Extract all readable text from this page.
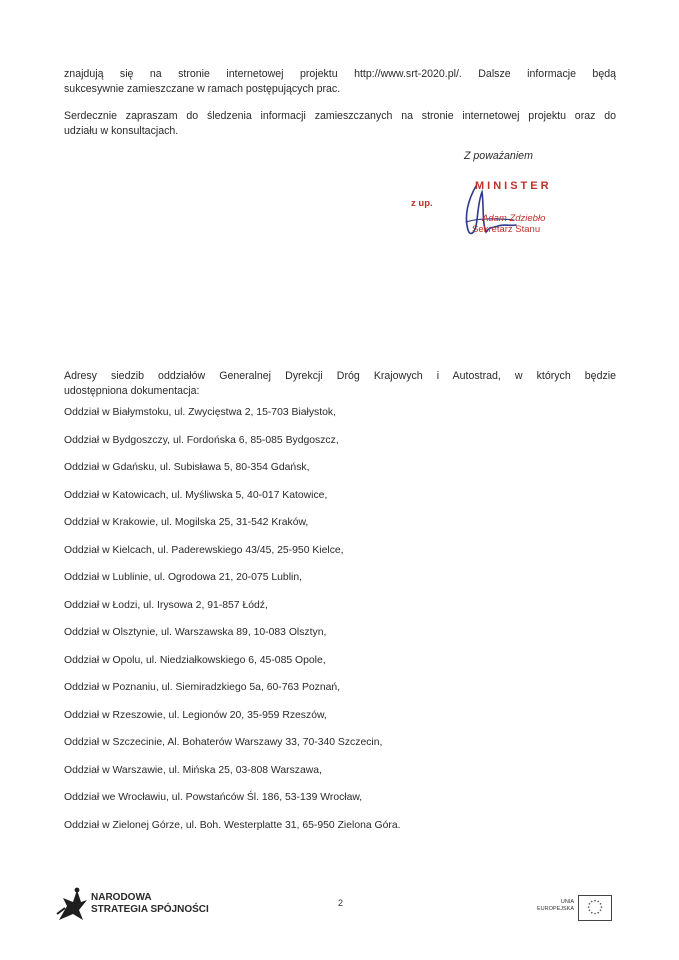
znajdują się na stronie internetowej projektu http://www.srt-2020.pl/. Dalsze informacje będą
sukcesywnie zamieszczane w ramach postępujących prac.
Serdecznie zapraszam do śledzenia informacji zamieszczanych na stronie internetowej projektu oraz do
udziału w konsultacjach.
Z poważaniem
z up.
MINISTER
Adam Zdziebło
Sekretarz Stanu
Adresy siedzib oddziałów Generalnej Dyrekcji Dróg Krajowych i Autostrad, w których będzie
udostępniona dokumentacja:
Oddział w Białymstoku, ul. Zwycięstwa 2, 15-703 Białystok,
Oddział w Bydgoszczy, ul. Fordońska 6, 85-085 Bydgoszcz,
Oddział w Gdańsku, ul. Subisława 5, 80-354 Gdańsk,
Oddział w Katowicach, ul. Myśliwska 5, 40-017 Katowice,
Oddział w Krakowie, ul. Mogilska 25, 31-542 Kraków,
Oddział w Kielcach, ul. Paderewskiego 43/45, 25-950 Kielce,
Oddział w Lublinie, ul. Ogrodowa 21, 20-075 Lublin,
Oddział w Łodzi, ul. Irysowa 2, 91-857 Łódź,
Oddział w Olsztynie, ul. Warszawska 89, 10-083 Olsztyn,
Oddział w Opolu, ul. Niedziałkowskiego 6, 45-085 Opole,
Oddział w Poznaniu, ul. Siemiradzkiego 5a, 60-763 Poznań,
Oddział w Rzeszowie, ul. Legionów 20, 35-959 Rzeszów,
Oddział w Szczecinie, Al. Bohaterów Warszawy 33, 70-340 Szczecin,
Oddział w Warszawie, ul. Mińska 25, 03-808 Warszawa,
Oddział we Wrocławiu, ul. Powstańców Śl. 186, 53-139 Wrocław,
Oddział w Zielonej Górze, ul. Boh. Westerplatte 31, 65-950 Zielona Góra.
NARODOWA
STRATEGIA SPÓJNOŚCI
2	UNIA
EUROPEJSKA
